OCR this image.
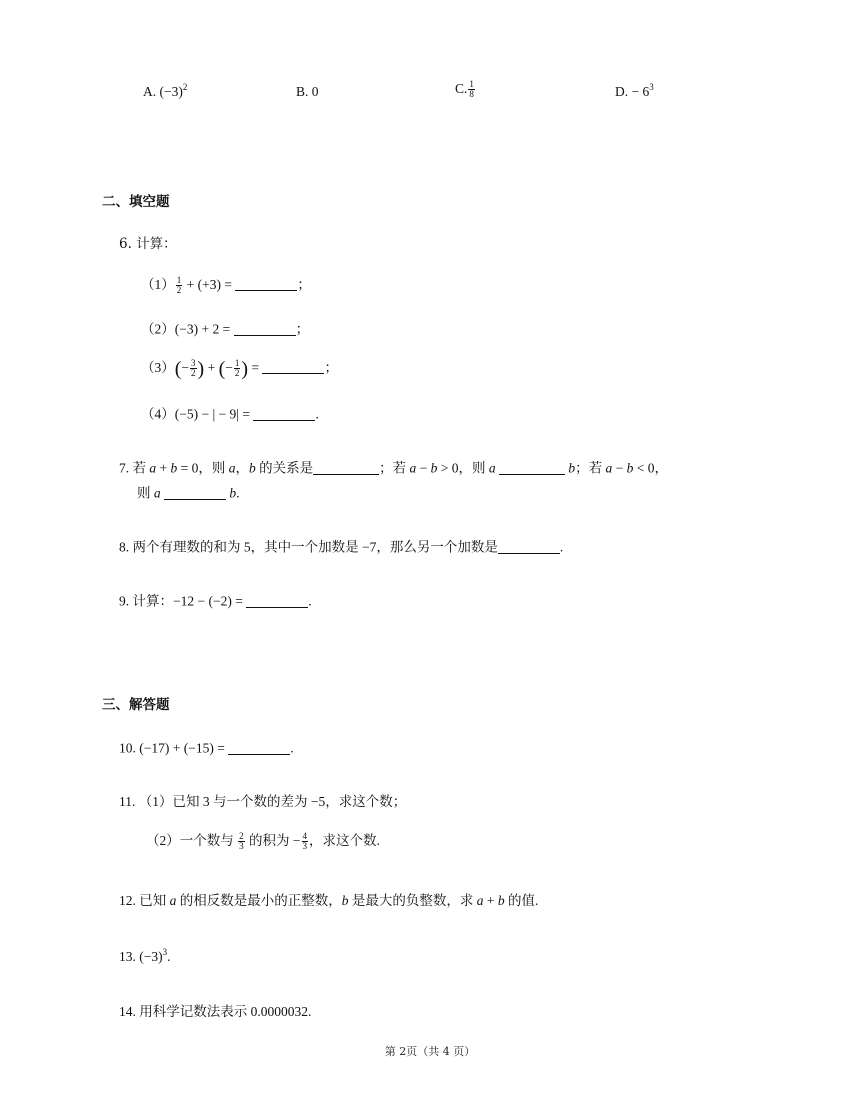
A. $(-3)^2$	B. 0	C. $\frac{1}{8}$	D. − $6^3$
二、填空题
6. 计算：
$(1) \frac{1}{2} + (+3)$ =	；
（2）(−3) + 2 =	；
$(3)(- \frac{3}{2}$ ) + (− $\frac{1}{2}$ ) =	；
（4）(−5) − | − 9| =	.
7. 若 a + b = 0，则 a，b 的关系是	；若 a − b > 0，则 a	b；若 a − b < 0，
则 a	b.
8. 两个有理数的和为 5，其中一个加数是 −7，那么另一个加数是	.
9. 计算：−12 − (−2) =	.
三、解答题
10. (−17) + (−15) =	.
11. （1）已知 3 与一个数的差为 −5，求这个数；
（2）一个数与 $\frac{2}{3}$ 的积为 − $\frac{4}{3}$ ，求这个数.
12. 已知 a 的相反数是最小的正整数，b 是最大的负整数，求 a + b 的值.
13. $(-3)^3$.
14. 用科学记数法表示 0.0000032.
第 2页（共 4 页）
